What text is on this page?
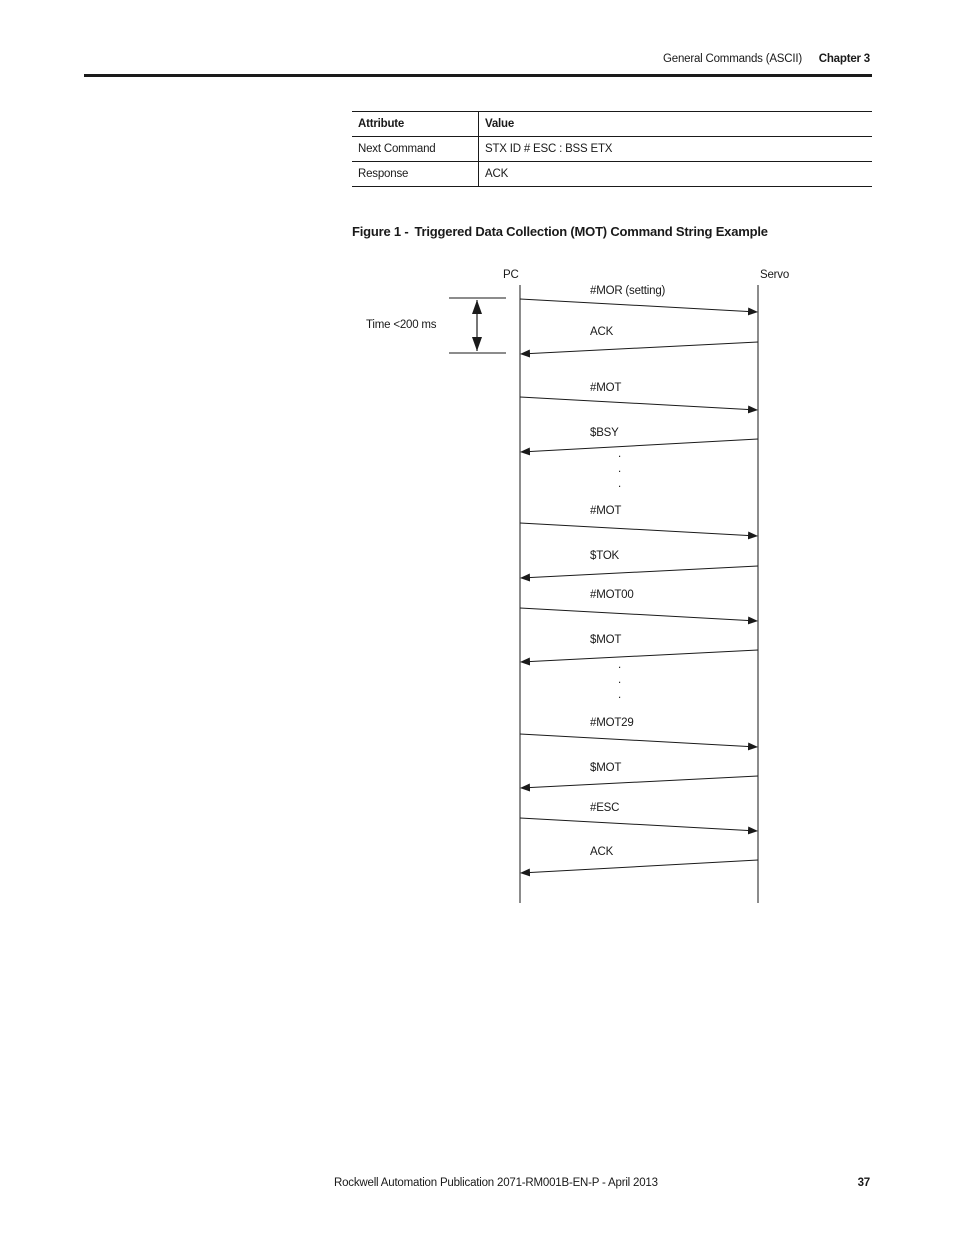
General Commands (ASCII) Chapter 3
Attribute	Value
Next Command	STX ID # ESC : BSS ETX
Response	ACK
Figure 1 - Triggered Data Collection (MOT) Command String Example
PC	Servo
Time <200 ms
#MOR (setting)
ACK
#MOT
$BSY
#MOT
$TOK
#MOT00
$MOT
#MOT29
$MOT
#ESC
ACK
.
.
.
.
.
.
Rockwell Automation Publication 2071-RM001B-EN-P - April 2013	37
